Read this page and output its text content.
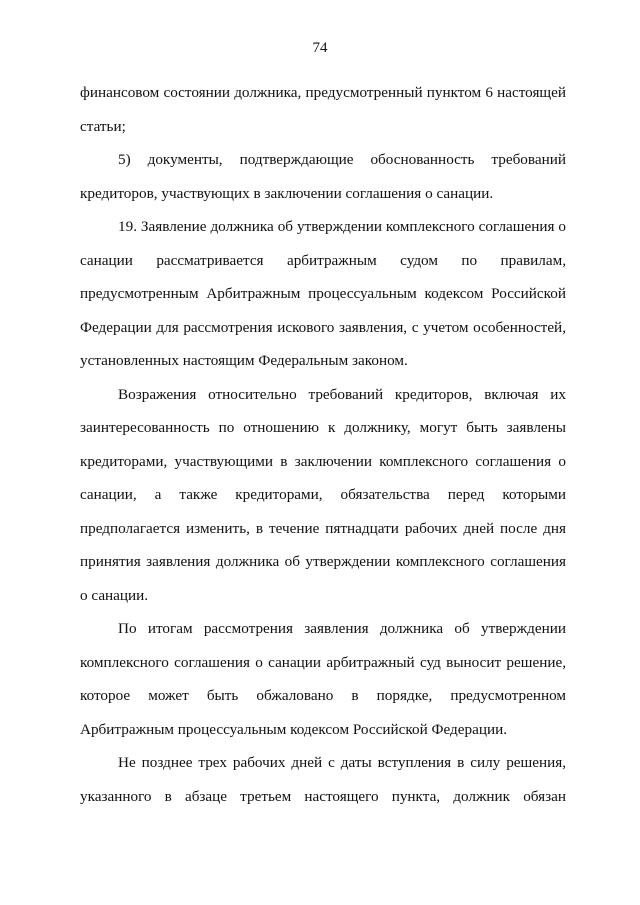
74
финансовом состоянии должника, предусмотренный пунктом 6 настоящей
статьи;
5) документы, подтверждающие обоснованность требований
кредиторов, участвующих в заключении соглашения о санации.
19. Заявление должника об утверждении комплексного соглашения о
санации рассматривается арбитражным судом по правилам,
предусмотренным Арбитражным процессуальным кодексом Российской
Федерации для рассмотрения искового заявления, с учетом особенностей,
установленных настоящим Федеральным законом.
Возражения относительно требований кредиторов, включая их
заинтересованность по отношению к должнику, могут быть заявлены
кредиторами, участвующими в заключении комплексного соглашения о
санации, а также кредиторами, обязательства перед которыми
предполагается изменить, в течение пятнадцати рабочих дней после дня
принятия заявления должника об утверждении комплексного соглашения
о санации.
По итогам рассмотрения заявления должника об утверждении
комплексного соглашения о санации арбитражный суд выносит решение,
которое может быть обжаловано в порядке, предусмотренном
Арбитражным процессуальным кодексом Российской Федерации.
Не позднее трех рабочих дней с даты вступления в силу решения,
указанного в абзаце третьем настоящего пункта, должник обязан
